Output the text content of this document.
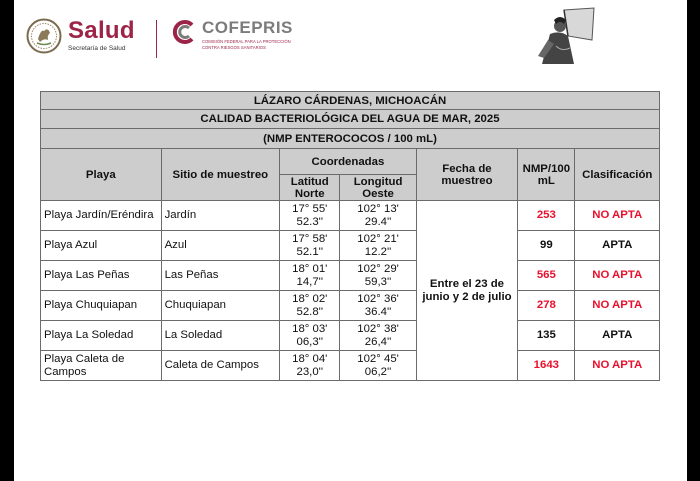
Salud
Secretaría de Salud
COFEPRIS
COMISIÓN FEDERAL PARA LA PROTECCIÓN
CONTRA RIESGOS SANITARIOS
LÁZARO CÁRDENAS, MICHOACÁN						
CALIDAD BACTERIOLÓGICA DEL AGUA DE MAR, 2025						
(NMP ENTEROCOCOS / 100 mL)						
Playa	Sitio de muestreo	Coordenadas		Fecha de muestreo	NMP/100 mL	Clasificación
		Latitud Norte	Longitud Oeste			
Playa Jardín/Eréndira	Jardín	17° 55' 52.3''	102° 13' 29.4''	Entre el 23 de junio y 2 de julio	253	NO APTA
Playa Azul	Azul	17° 58' 52.1''	102° 21' 12.2''		99	APTA
Playa Las Peñas	Las Peñas	18° 01' 14,7''	102° 29' 59,3''		565	NO APTA
Playa Chuquiapan	Chuquiapan	18° 02' 52.8''	102° 36' 36.4''		278	NO APTA
Playa La Soledad	La Soledad	18° 03' 06,3''	102° 38' 26,4''		135	APTA
Playa Caleta de Campos	Caleta de Campos	18° 04' 23,0''	102° 45' 06,2''		1643	NO APTA
